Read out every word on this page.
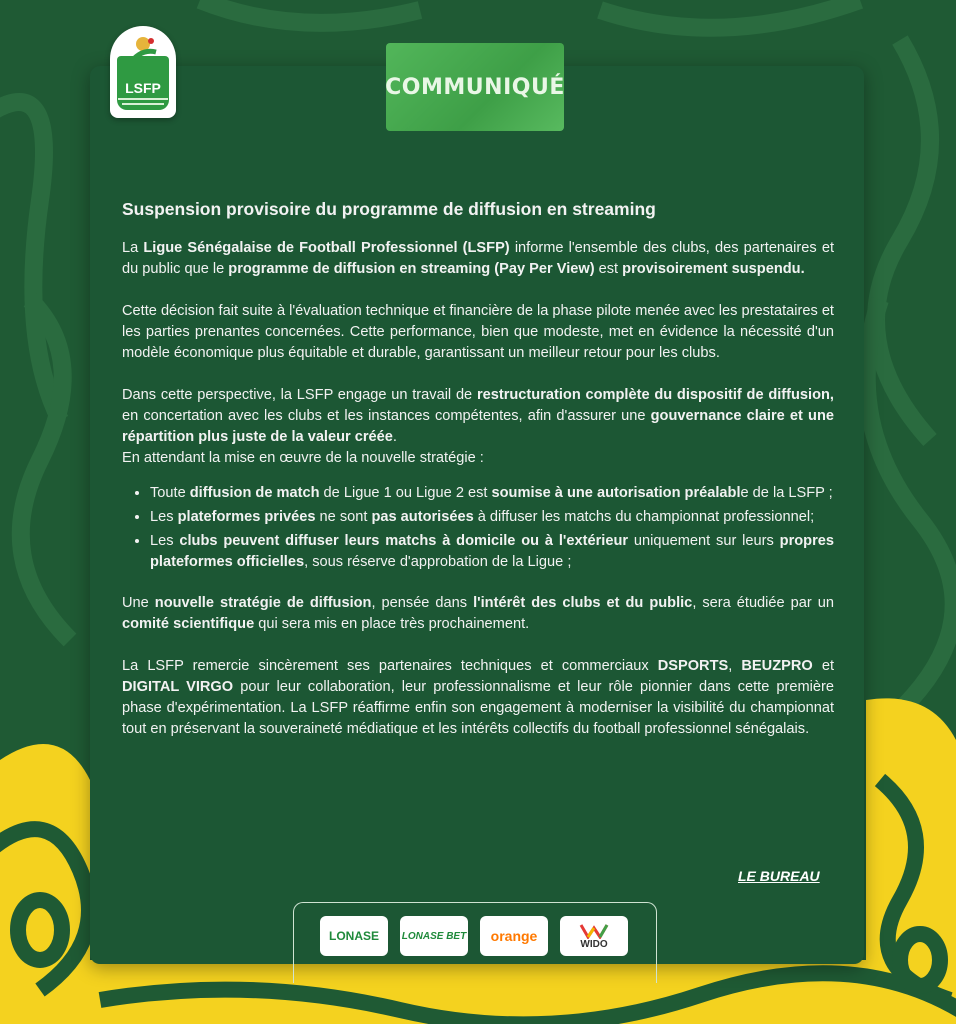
LSFP	COMMUNIQUÉ
Suspension provisoire du programme de diffusion en streaming

La Ligue Sénégalaise de Football Professionnel (LSFP) informe l'ensemble des clubs, des partenaires et du public que le programme de diffusion en streaming (Pay Per View) est provisoirement suspendu.

Cette décision fait suite à l'évaluation technique et financière de la phase pilote menée avec les prestataires et les parties prenantes concernées. Cette performance, bien que modeste, met en évidence la nécessité d'un modèle économique plus équitable et durable, garantissant un meilleur retour pour les clubs.

Dans cette perspective, la LSFP engage un travail de restructuration complète du dispositif de diffusion, en concertation avec les clubs et les instances compétentes, afin d'assurer une gouvernance claire et une répartition plus juste de la valeur créée.

En attendant la mise en œuvre de la nouvelle stratégie :

• Toute diffusion de match de Ligue 1 ou Ligue 2 est soumise à une autorisation préalable de la LSFP ;
• Les plateformes privées ne sont pas autorisées à diffuser les matchs du championnat professionnel;
• Les clubs peuvent diffuser leurs matchs à domicile ou à l'extérieur uniquement sur leurs propres plateformes officielles, sous réserve d'approbation de la Ligue ;

Une nouvelle stratégie de diffusion, pensée dans l'intérêt des clubs et du public, sera étudiée par un comité scientifique qui sera mis en place très prochainement.

La LSFP remercie sincèrement ses partenaires techniques et commerciaux DSPORTS, BEUZPRO et DIGITAL VIRGO pour leur collaboration, leur professionnalisme et leur rôle pionnier dans cette première phase d'expérimentation. La LSFP réaffirme enfin son engagement à moderniser la visibilité du championnat tout en préservant la souveraineté médiatique et les intérêts collectifs du football professionnel sénégalais.

LE BUREAU
LONASE	LONASE BET	orange	WIDO
